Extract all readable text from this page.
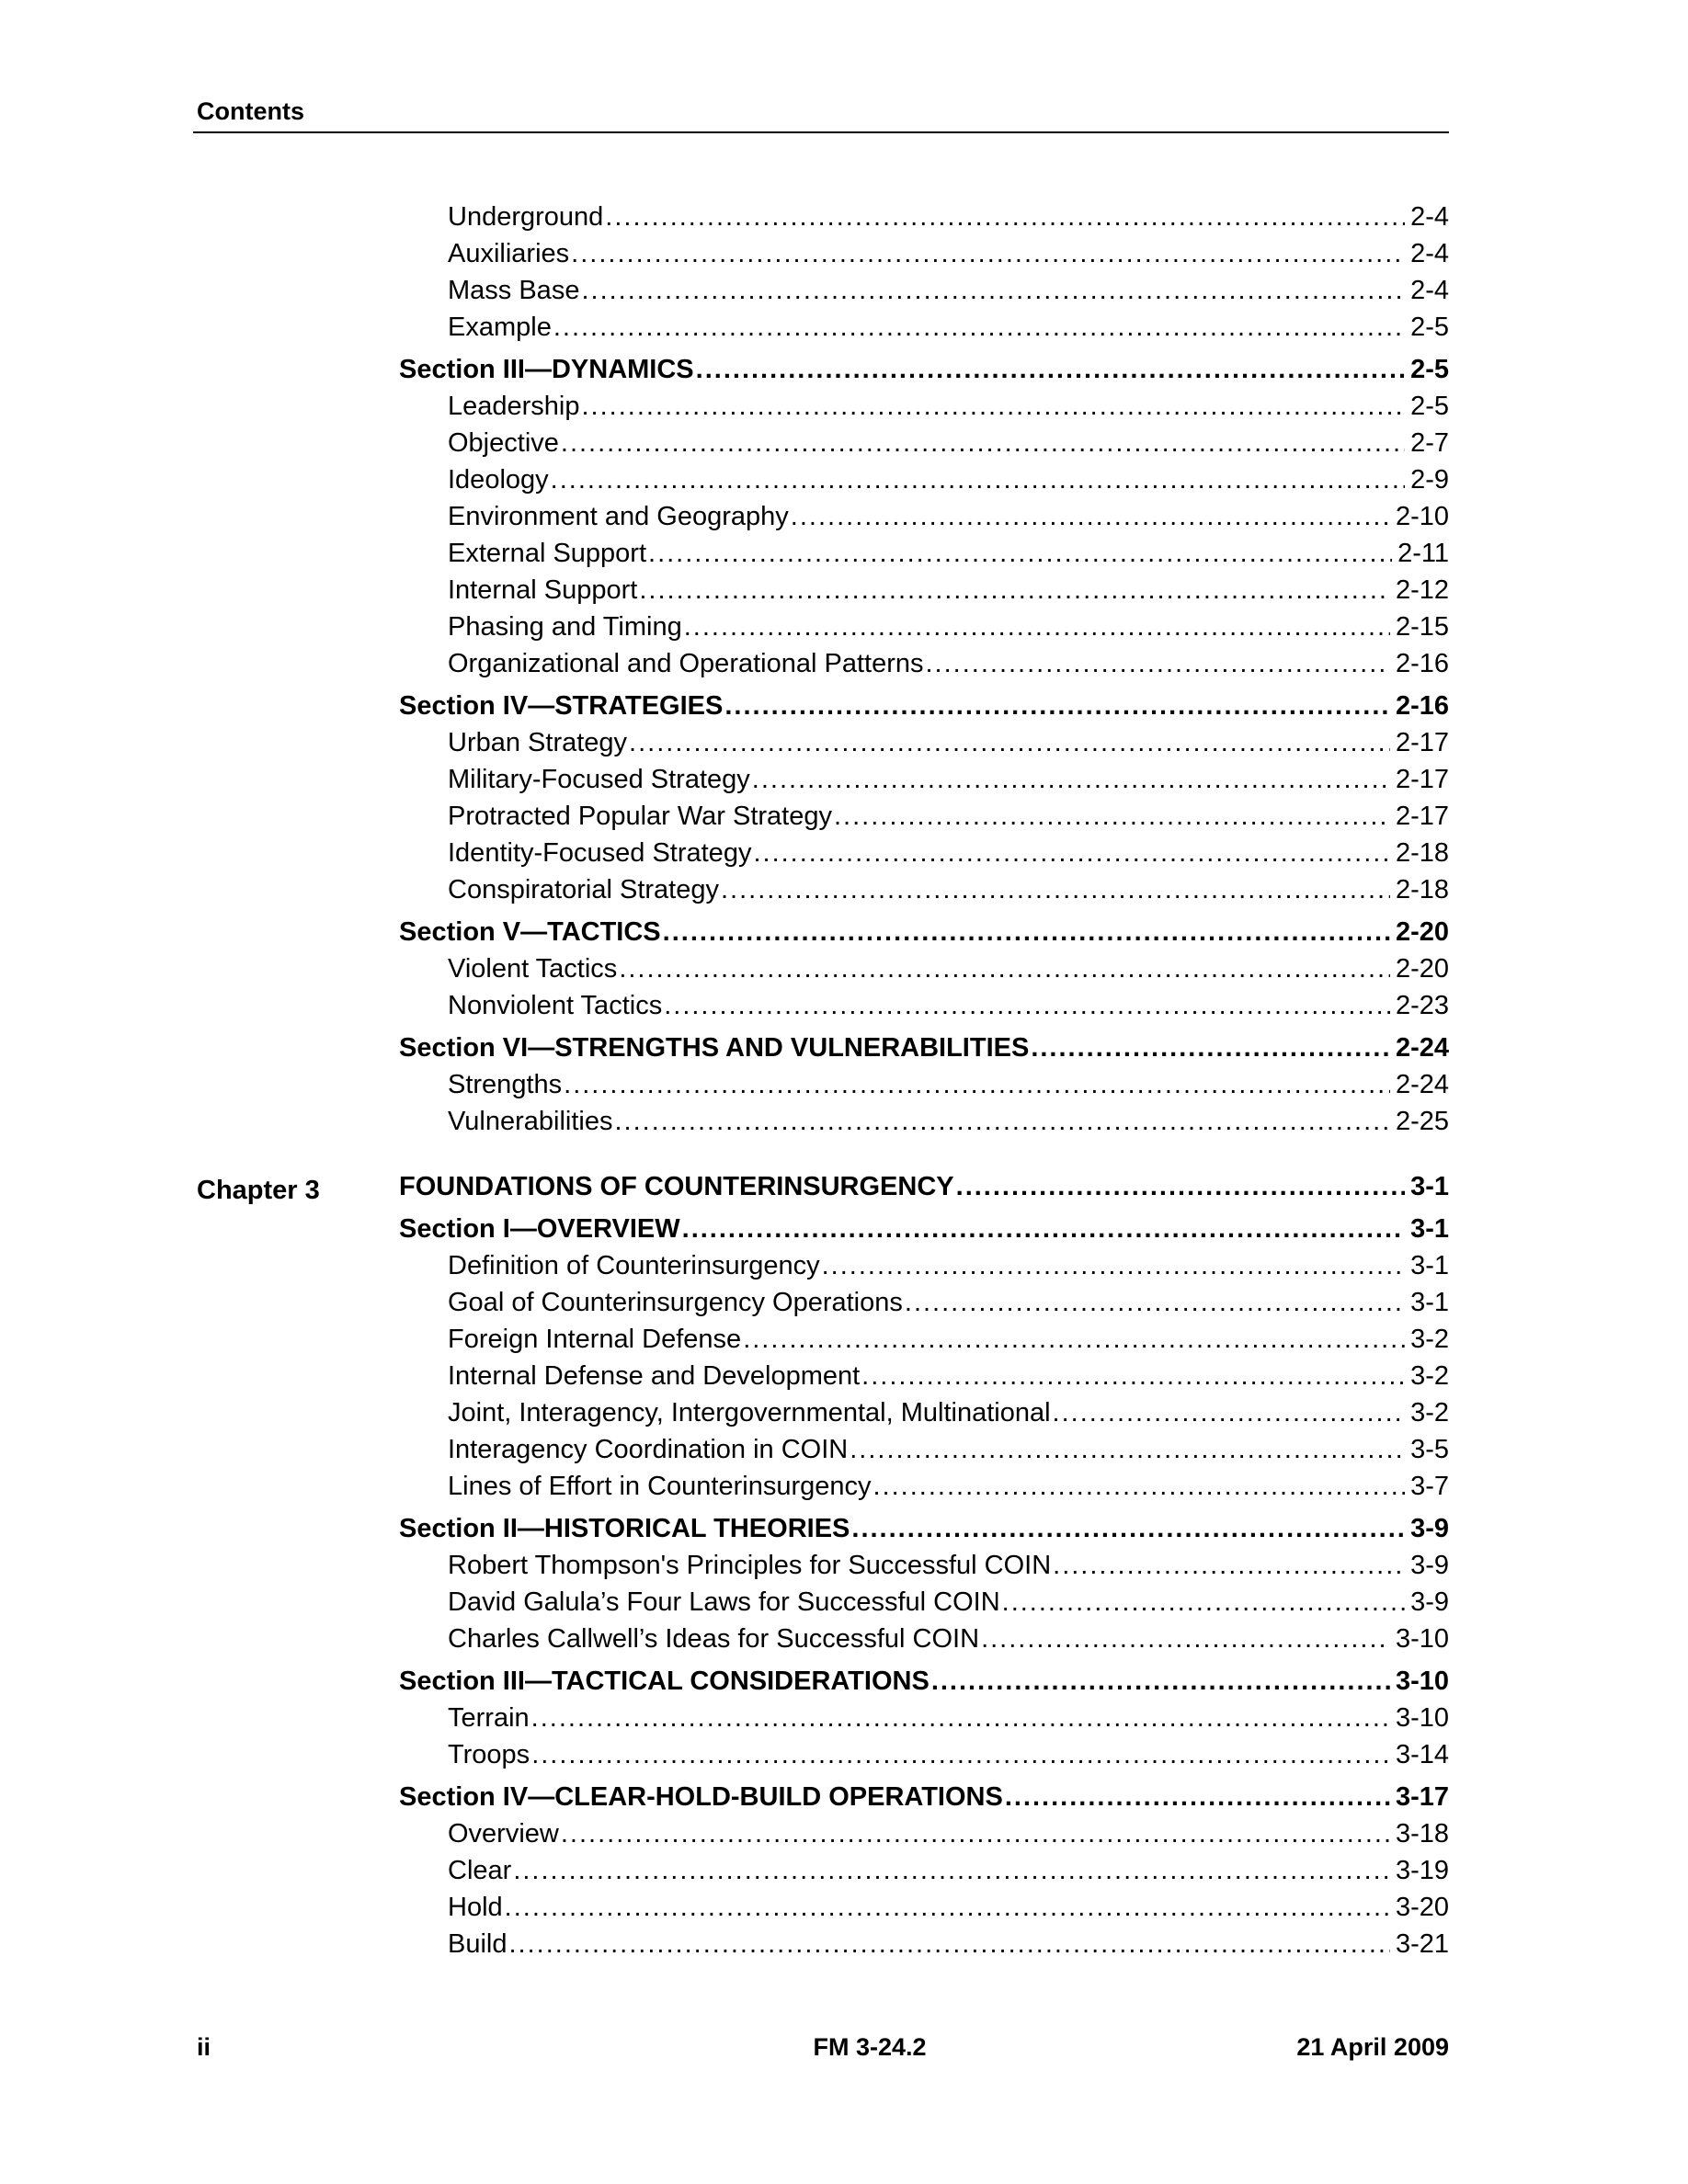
Contents
Underground .....	2-4
Auxiliaries .....	2-4
Mass Base .....	2-4
Example .....	2-5
Section III—DYNAMICS .....	2-5
Leadership .....	2-5
Objective .....	2-7
Ideology .....	2-9
Environment and Geography .....	2-10
External Support .....	2-11
Internal Support .....	2-12
Phasing and Timing .....	2-15
Organizational and Operational Patterns .....	2-16
Section IV—STRATEGIES .....	2-16
Urban Strategy .....	2-17
Military-Focused Strategy .....	2-17
Protracted Popular War Strategy .....	2-17
Identity-Focused Strategy .....	2-18
Conspiratorial Strategy .....	2-18
Section V—TACTICS .....	2-20
Violent Tactics .....	2-20
Nonviolent Tactics .....	2-23
Section VI—STRENGTHS AND VULNERABILITIES .....	2-24
Strengths .....	2-24
Vulnerabilities .....	2-25
Chapter 3	FOUNDATIONS OF COUNTERINSURGENCY .....	3-1
Section I—OVERVIEW .....	3-1
Definition of Counterinsurgency .....	3-1
Goal of Counterinsurgency Operations .....	3-1
Foreign Internal Defense .....	3-2
Internal Defense and Development .....	3-2
Joint, Interagency, Intergovernmental, Multinational .....	3-2
Interagency Coordination in COIN .....	3-5
Lines of Effort in Counterinsurgency .....	3-7
Section II—HISTORICAL THEORIES .....	3-9
Robert Thompson's Principles for Successful COIN .....	3-9
David Galula’s Four Laws for Successful COIN .....	3-9
Charles Callwell’s Ideas for Successful COIN .....	3-10
Section III—TACTICAL CONSIDERATIONS .....	3-10
Terrain .....	3-10
Troops .....	3-14
Section IV—CLEAR-HOLD-BUILD OPERATIONS .....	3-17
Overview .....	3-18
Clear .....	3-19
Hold .....	3-20
Build .....	3-21
ii	FM 3-24.2	21 April 2009
